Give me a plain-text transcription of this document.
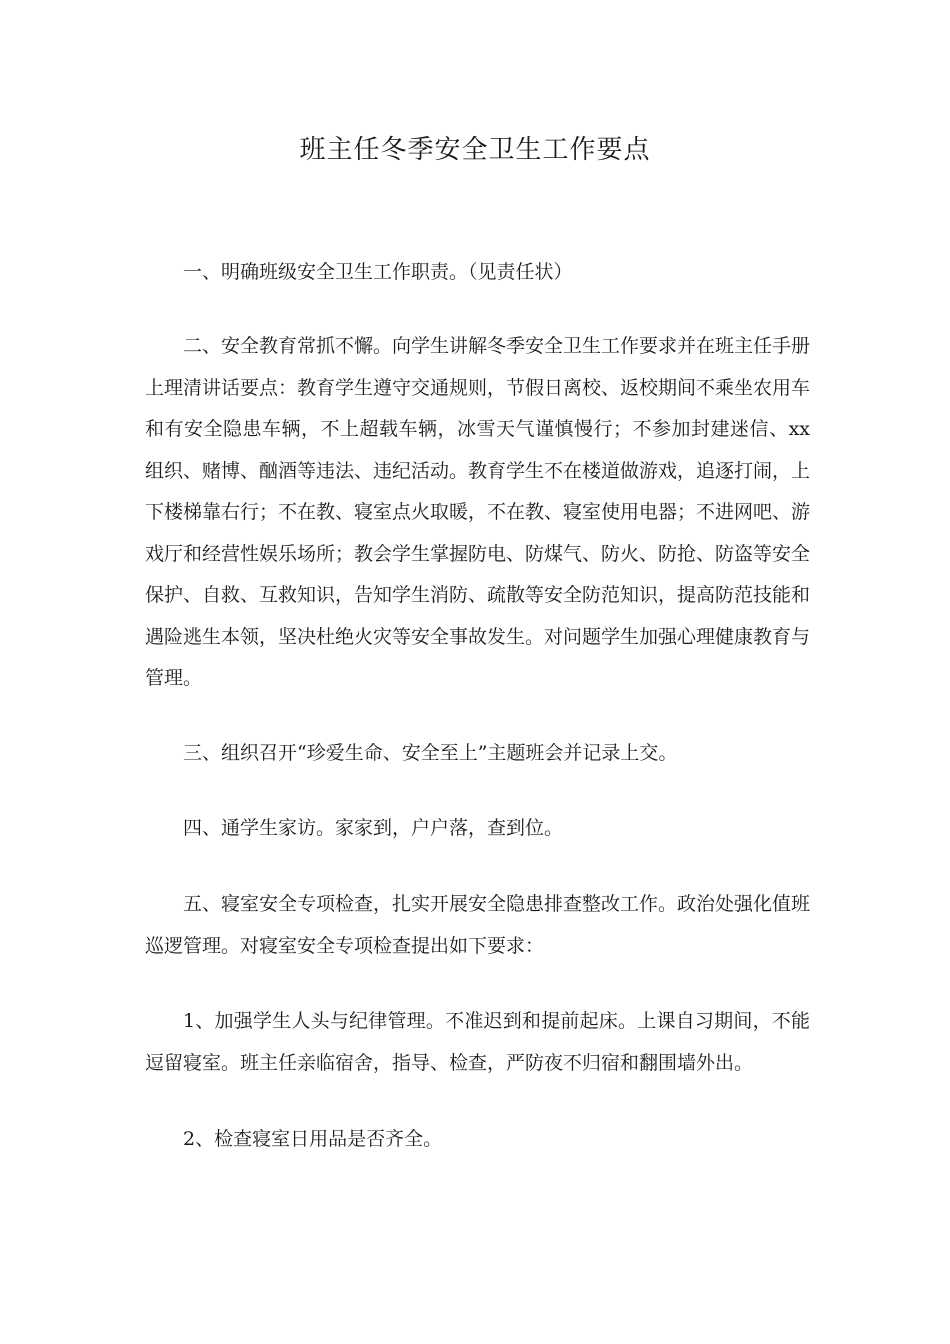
班主任冬季安全卫生工作要点

一、明确班级安全卫生工作职责。（见责任状）

二、安全教育常抓不懈。向学生讲解冬季安全卫生工作要求并在班主任手册上理清讲话要点：教育学生遵守交通规则，节假日离校、返校期间不乘坐农用车和有安全隐患车辆，不上超载车辆，冰雪天气谨慎慢行；不参加封建迷信、xx组织、赌博、酗酒等违法、违纪活动。教育学生不在楼道做游戏，追逐打闹，上下楼梯靠右行；不在教、寝室点火取暖，不在教、寝室使用电器；不进网吧、游戏厅和经营性娱乐场所；教会学生掌握防电、防煤气、防火、防抢、防盗等安全保护、自救、互救知识，告知学生消防、疏散等安全防范知识，提高防范技能和遇险逃生本领，坚决杜绝火灾等安全事故发生。对问题学生加强心理健康教育与管理。

三、组织召开“珍爱生命、安全至上”主题班会并记录上交。

四、通学生家访。家家到，户户落，查到位。

五、寝室安全专项检查，扎实开展安全隐患排查整改工作。政治处强化值班巡逻管理。对寝室安全专项检查提出如下要求：

1、加强学生人头与纪律管理。不准迟到和提前起床。上课自习期间，不能逗留寝室。班主任亲临宿舍，指导、检查，严防夜不归宿和翻围墙外出。

2、检查寝室日用品是否齐全。
